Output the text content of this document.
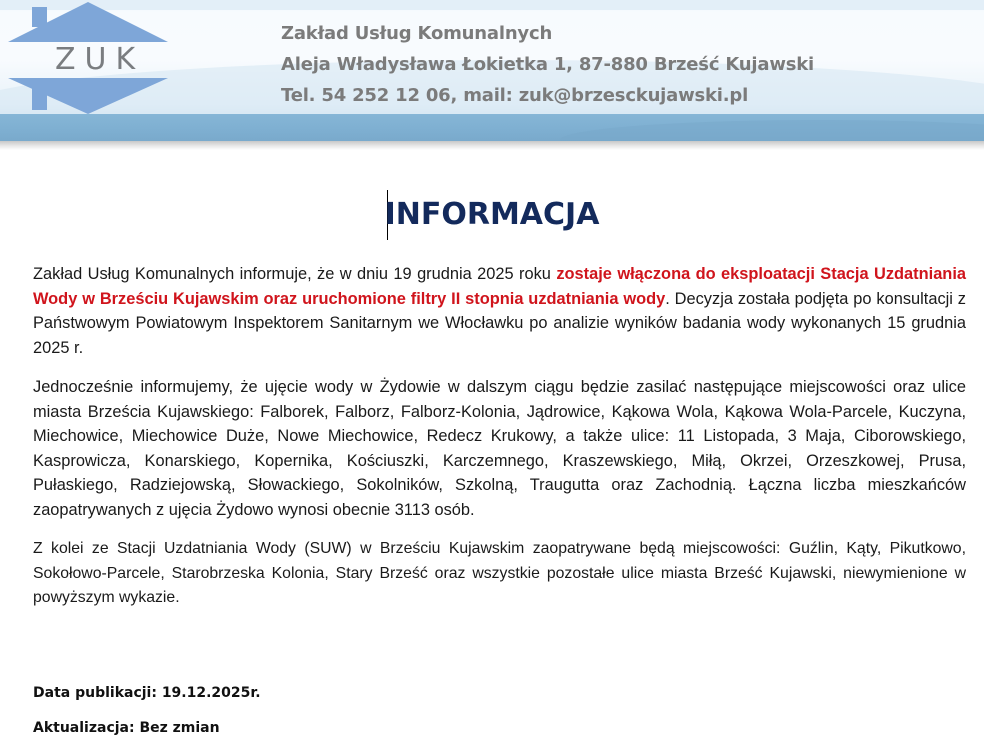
ZUK
Zakład Usług Komunalnych
Aleja Władysława Łokietka 1, 87-880 Brześć Kujawski
Tel. 54 252 12 06, mail: zuk@brzesckujawski.pl
INFORMACJA

Zakład Usług Komunalnych informuje, że w dniu 19 grudnia 2025 roku zostaje włączona do eksploatacji Stacja Uzdatniania Wody w Brześciu Kujawskim oraz uruchomione filtry II stopnia uzdatniania wody. Decyzja została podjęta po konsultacji z Państwowym Powiatowym Inspektorem Sanitarnym we Włocławku po analizie wyników badania wody wykonanych 15 grudnia 2025 r.

Jednocześnie informujemy, że ujęcie wody w Żydowie w dalszym ciągu będzie zasilać następujące miejscowości oraz ulice miasta Brześcia Kujawskiego: Falborek, Falborz, Falborz-Kolonia, Jądrowice, Kąkowa Wola, Kąkowa Wola-Parcele, Kuczyna, Miechowice, Miechowice Duże, Nowe Miechowice, Redecz Krukowy, a także ulice: 11 Listopada, 3 Maja, Ciborowskiego, Kasprowicza, Konarskiego, Kopernika, Kościuszki, Karczemnego, Kraszewskiego, Miłą, Okrzei, Orzeszkowej, Prusa, Pułaskiego, Radziejowską, Słowackiego, Sokolników, Szkolną, Traugutta oraz Zachodnią. Łączna liczba mieszkańców zaopatrywanych z ujęcia Żydowo wynosi obecnie 3113 osób.

Z kolei ze Stacji Uzdatniania Wody (SUW) w Brześciu Kujawskim zaopatrywane będą miejscowości: Guźlin, Kąty, Pikutkowo, Sokołowo-Parcele, Starobrzeska Kolonia, Stary Brześć oraz wszystkie pozostałe ulice miasta Brześć Kujawski, niewymienione w powyższym wykazie.

Data publikacji: 19.12.2025r.
Aktualizacja: Bez zmian
